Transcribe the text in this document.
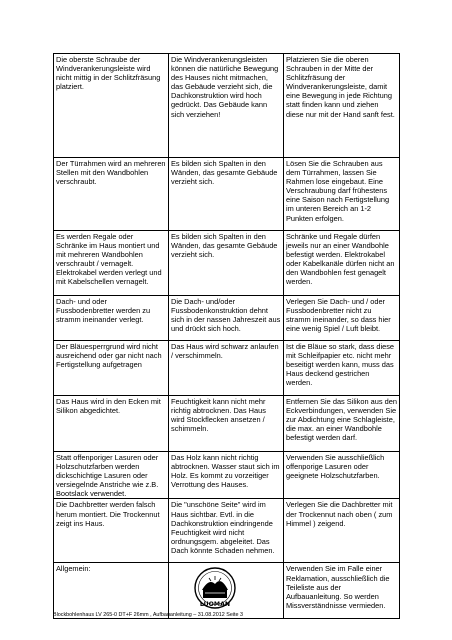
Die oberste Schraube der Windverankerungsleiste wird nicht mittig in der Schlitzfräsung platziert.	Die Windverankerungsleisten können die natürliche Bewegung des Hauses nicht mitmachen, das Gebäude verzieht sich, die Dachkonstruktion wird hoch gedrückt. Das Gebäude kann sich verziehen!	Platzieren Sie die oberen Schrauben in der Mitte der Schlitzfräsung der Windverankerungsleiste, damit eine Bewegung in jede Richtung statt finden kann und ziehen diese nur mit der Hand sanft fest.
Der Türrahmen wird an mehreren Stellen mit den Wandbohlen verschraubt.	Es bilden sich Spalten in den Wänden, das gesamte Gebäude verzieht sich.	Lösen Sie die Schrauben aus dem Türrahmen, lassen Sie Rahmen lose eingebaut. Eine Verschraubung darf frühestens eine Saison nach Fertigstellung im unteren Bereich an 1-2 Punkten erfolgen.
Es werden Regale oder Schränke im Haus montiert und mit mehreren Wandbohlen verschraubt / vernagelt. Elektrokabel werden verlegt und mit Kabelschellen vernagelt.	Es bilden sich Spalten in den Wänden, das gesamte Gebäude verzieht sich.	Schränke und Regale dürfen jeweils nur an einer Wandbohle befestigt werden. Elektrokabel oder Kabelkanäle dürfen nicht an den Wandbohlen fest genagelt werden.
Dach- und oder Fussbodenbretter werden zu stramm ineinander verlegt.	Die Dach- und/oder Fussbodenkonstruktion dehnt sich in der nassen Jahreszeit aus und drückt sich hoch.	Verlegen Sie Dach- und / oder Fussbodenbretter nicht zu stramm ineinander, so dass hier eine wenig Spiel / Luft bleibt.
Der Bläuesperrgrund wird nicht ausreichend oder gar nicht nach Fertigstellung aufgetragen	Das Haus wird schwarz anlaufen / verschimmeln.	Ist die Bläue so stark, dass diese mit Schleifpapier etc. nicht mehr beseitigt werden kann, muss das Haus deckend gestrichen werden.
Das Haus wird in den Ecken mit Silikon abgedichtet.	Feuchtigkeit kann nicht mehr richtig abtrocknen. Das Haus wird Stockflecken ansetzen / schimmeln.	Entfernen Sie das Silikon aus den Eckverbindungen, verwenden Sie zur Abdichtung eine Schlagleiste, die max. an einer Wandbohle befestigt werden darf.
Statt offenporiger Lasuren oder Holzschutzfarben werden dickschichtige Lasuren oder versiegelnde Anstriche wie z.B. Bootslack verwendet.	Das Holz kann nicht richtig abtrocknen. Wasser staut sich im Holz. Es kommt zu vorzeitiger Verrottung des Hauses.	Verwenden Sie ausschließlich offenporige Lasuren oder geeignete Holzschutzfarben.
Die Dachbretter werden falsch herum montiert. Die Trockennut zeigt ins Haus.	Die "unschöne Seite" wird im Haus sichtbar. Evtl. in die Dachkonstruktion eindringende Feuchtigkeit wird nicht ordnungsgem. abgeleitet. Das Dach könnte Schaden nehmen.	Verlegen Sie die Dachbretter mit der Trockennut nach oben ( zum Himmel ) zeigend.
Allgemein:	LUOMAN	Verwenden Sie im Falle einer Reklamation, ausschließlich die Teileliste aus der Aufbauanleitung. So werden Missverständnisse vermieden.
Blockbohlenhaus LV 265-0 DT+F 26mm , Aufbauanleitung – 31.08.2012 Seite 3
